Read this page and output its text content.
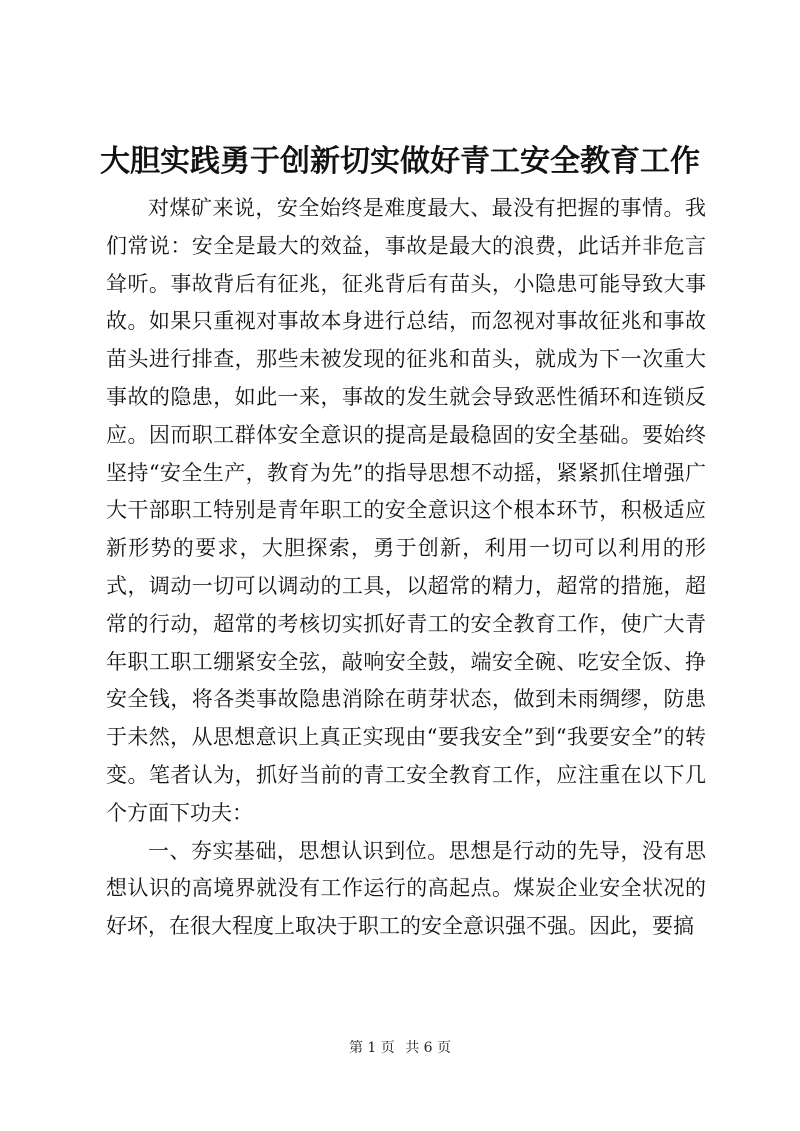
大胆实践勇于创新切实做好青工安全教育工作

对煤矿来说，安全始终是难度最大、最没有把握的事情。我们常说：安全是最大的效益，事故是最大的浪费，此话并非危言耸听。事故背后有征兆，征兆背后有苗头，小隐患可能导致大事故。如果只重视对事故本身进行总结，而忽视对事故征兆和事故苗头进行排查，那些未被发现的征兆和苗头，就成为下一次重大事故的隐患，如此一来，事故的发生就会导致恶性循环和连锁反应。因而职工群体安全意识的提高是最稳固的安全基础。要始终坚持“安全生产，教育为先”的指导思想不动摇，紧紧抓住增强广大干部职工特别是青年职工的安全意识这个根本环节，积极适应新形势的要求，大胆探索，勇于创新，利用一切可以利用的形式，调动一切可以调动的工具，以超常的精力，超常的措施，超常的行动，超常的考核切实抓好青工的安全教育工作，使广大青年职工职工绷紧安全弦，敲响安全鼓，端安全碗、吃安全饭、挣安全钱，将各类事故隐患消除在萌芽状态，做到未雨绸缪，防患于未然，从思想意识上真正实现由“要我安全”到“我要安全”的转变。笔者认为，抓好当前的青工安全教育工作，应注重在以下几个方面下功夫：

一、夯实基础，思想认识到位。思想是行动的先导，没有思想认识的高境界就没有工作运行的高起点。煤炭企业安全状况的好坏，在很大程度上取决于职工的安全意识强不强。因此，要搞

第 1 页 共 6 页
